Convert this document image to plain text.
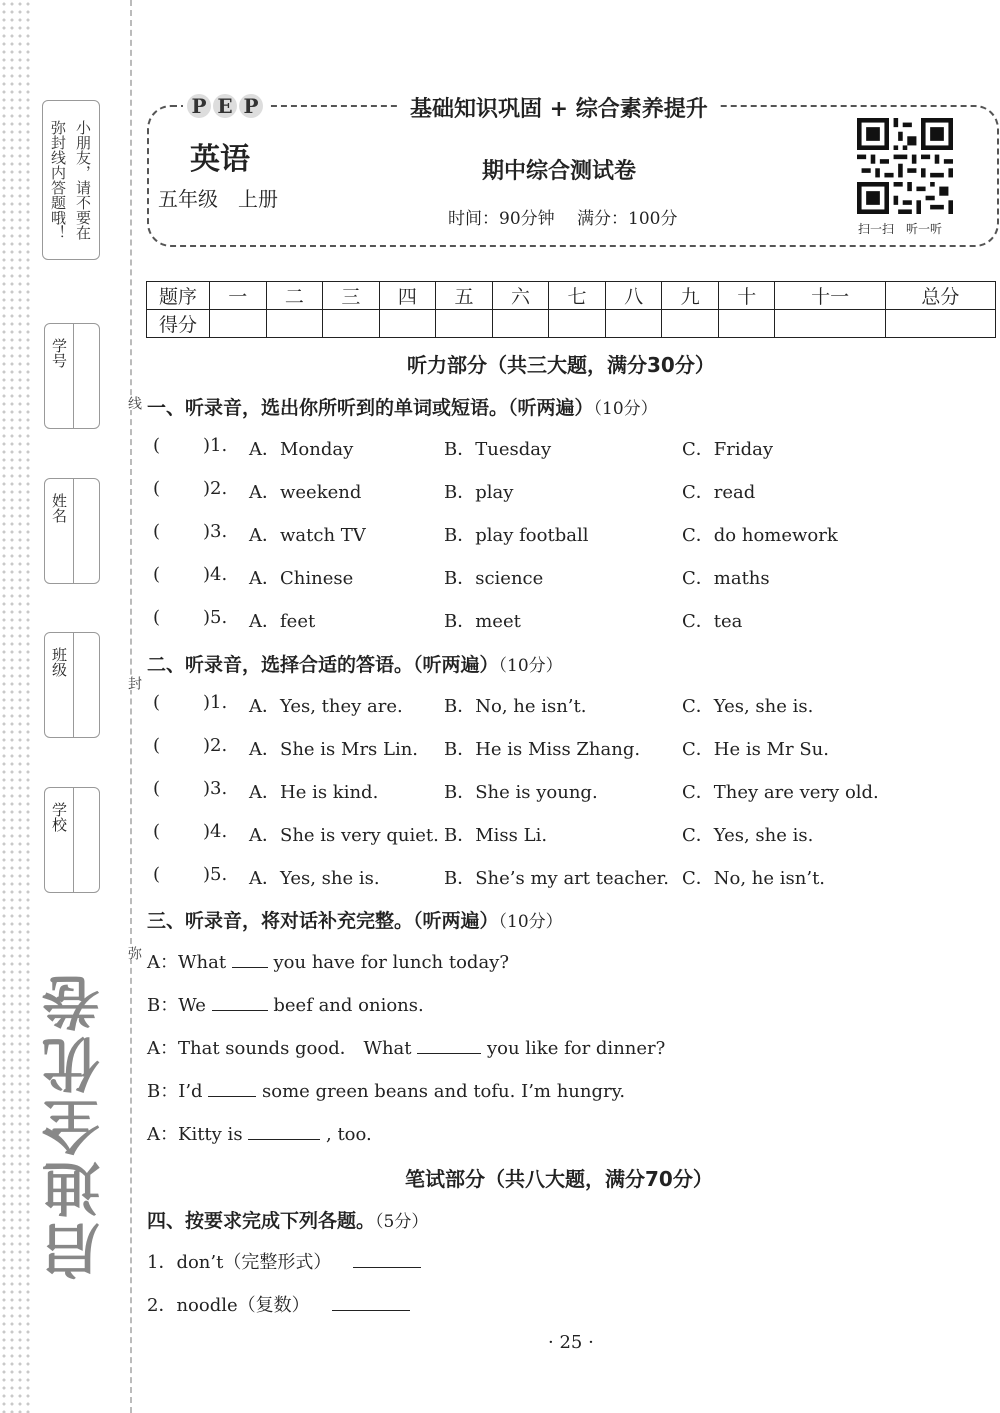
小朋友，请不要在
弥封线内答题哦！
学号
姓名
班级
学校
线
封
弥
启迪全优卷
P E P	基础知识巩固 + 综合素养提升
英语
五年级　上册
期中综合测试卷
时间：90分钟　 满分：100分	扫一扫　听一听
题序	一	二	三	四	五	六	七	八	九	十	十一	总分
得分												
听力部分（共三大题，满分30分）
一、听录音，选出你所听到的单词或短语。（听两遍）（10分）
( )1. A．Monday	B．Tuesday	C．Friday
( )2. A．weekend	B．play	C．read
( )3. A．watch TV	B．play football	C．do homework
( )4. A．Chinese	B．science	C．maths
( )5. A．feet	B．meet	C．tea
二、听录音，选择合适的答语。（听两遍）（10分）
( )1. A．Yes, they are. B．No, he isn’t.	C．Yes, she is.
( )2. A．She is Mrs Lin. B．He is Miss Zhang. C．He is Mr Su.
( )3. A．He is kind.	B．She is young.	C．They are very old.
( )4. A．She is very quiet. B．Miss Li.	C．Yes, she is.
( )5. A．Yes, she is.	B．She’s my art teacher. C．No, he isn’t.
三、听录音，将对话补充完整。（听两遍）（10分）
A：What  you have for lunch today?
B：We	beef and onions.
A：That sounds good． What	you like for dinner?
B：I’d	some green beans and tofu. I’m hungry.
A：Kitty is	, too.
笔试部分（共八大题，满分70分）
四、按要求完成下列各题。（5分）
1．don’t（完整形式）
2．noodle（复数）
· 25 ·
